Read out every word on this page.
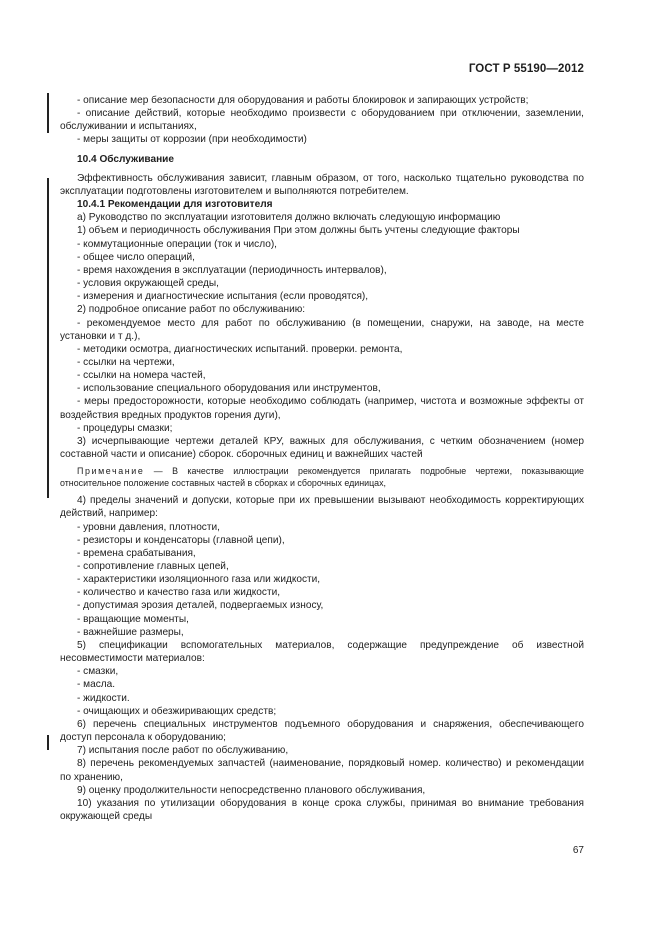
ГОСТ Р 55190—2012

- описание мер безопасности для оборудования и работы блокировок и запирающих устройств;

- описание действий, которые необходимо произвести с оборудованием при отключении, заземлении, обслуживании и испытаниях,

- меры защиты от коррозии (при необходимости)

10.4 Обслуживание

Эффективность обслуживания зависит, главным образом, от того, насколько тщательно руководства по эксплуатации подготовлены изготовителем и выполняются потребителем.

10.4.1 Рекомендации для изготовителя

а) Руководство по эксплуатации изготовителя должно включать следующую информацию

1) объем и периодичность обслуживания При этом должны быть учтены следующие факторы

- коммутационные операции (ток и число),

- общее число операций,

- время нахождения в эксплуатации (периодичность интервалов),

- условия окружающей среды,

- измерения и диагностические испытания (если проводятся),

2) подробное описание работ по обслуживанию:

- рекомендуемое место для работ по обслуживанию (в помещении, снаружи, на заводе, на месте установки и т д.),

- методики осмотра, диагностических испытаний. проверки. ремонта,

- ссылки на чертежи,

- ссылки на номера частей,

- использование специального оборудования или инструментов,

- меры предосторожности, которые необходимо соблюдать (например, чистота и возможные эффекты от воздействия вредных продуктов горения дуги),

- процедуры смазки;

3) исчерпывающие чертежи деталей КРУ, важных для обслуживания, с четким обозначением (номер составной части и описание) сборок. сборочных единиц и важнейших частей

Примечание — В качестве иллюстрации рекомендуется прилагать подробные чертежи, показывающие относительное положение составных частей в сборках и сборочных единицах,

4) пределы значений и допуски, которые при их превышении вызывают необходимость корректирующих действий, например:

- уровни давления, плотности,

- резисторы и конденсаторы (главной цепи),

- времена срабатывания,

- сопротивление главных цепей,

- характеристики изоляционного газа или жидкости,

- количество и качество газа или жидкости,

- допустимая эрозия деталей, подвергаемых износу,

- вращающие моменты,

- важнейшие размеры,

5) спецификации вспомогательных материалов, содержащие предупреждение об известной несовместимости материалов:

- смазки,

- масла.

- жидкости.

- очищающих и обезжиривающих средств;

6) перечень специальных инструментов подъемного оборудования и снаряжения, обеспечивающего доступ персонала к оборудованию;

7) испытания после работ по обслуживанию,

8) перечень рекомендуемых запчастей (наименование, порядковый номер. количество) и рекомендации по хранению,

9) оценку продолжительности непосредственно планового обслуживания,

10) указания по утилизации оборудования в конце срока службы, принимая во внимание требования окружающей среды

67
